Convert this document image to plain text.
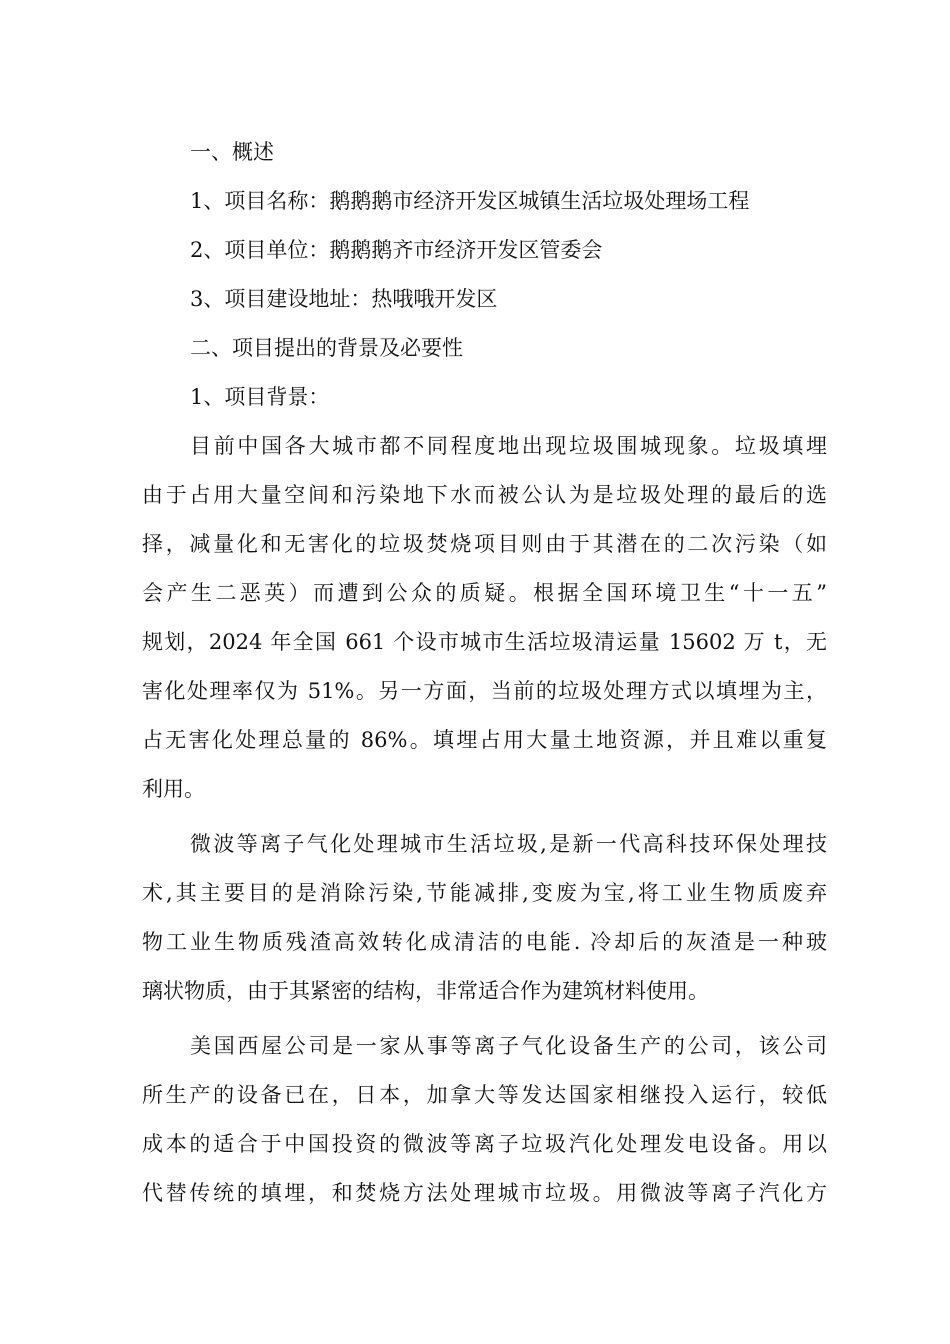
一、概述

1、项目名称：鹅鹅鹅市经济开发区城镇生活垃圾处理场工程

2、项目单位：鹅鹅鹅齐市经济开发区管委会

3、项目建设地址：热哦哦开发区

二、项目提出的背景及必要性

1、项目背景：

目前中国各大城市都不同程度地出现垃圾围城现象。垃圾填埋

由于占用大量空间和污染地下水而被公认为是垃圾处理的最后的选

择，减量化和无害化的垃圾焚烧项目则由于其潜在的二次污染（如

会产生二恶英）而遭到公众的质疑。根据全国环境卫生“十一五”

规划，2024 年全国 661 个设市城市生活垃圾清运量 15602 万 t，无

害化处理率仅为 51%。另一方面，当前的垃圾处理方式以填埋为主，

占无害化处理总量的 86%。填埋占用大量土地资源，并且难以重复

利用。

微波等离子气化处理城市生活垃圾,是新一代高科技环保处理技

术,其主要目的是消除污染,节能减排,变废为宝,将工业生物质废弃

物工业生物质残渣高效转化成清洁的电能. 冷却后的灰渣是一种玻

璃状物质，由于其紧密的结构，非常适合作为建筑材料使用。

美国西屋公司是一家从事等离子气化设备生产的公司，该公司

所生产的设备已在，日本，加拿大等发达国家相继投入运行，较低

成本的适合于中国投资的微波等离子垃圾汽化处理发电设备。用以

代替传统的填埋，和焚烧方法处理城市垃圾。用微波等离子汽化方
